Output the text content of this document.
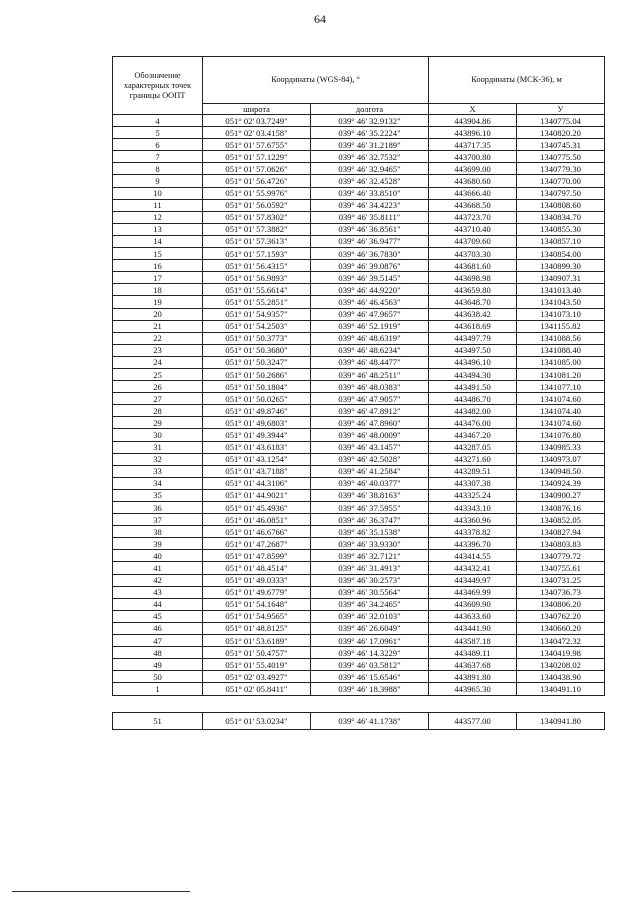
64
Обозначение характерных точек границы ООПТ	Координаты (WGS-84), °		Координаты (МСК-36), м	
	широта	долгота	X	У
4	051° 02' 03.7249"	039° 46' 32.9132"	443904.86	1340775.04
5	051° 02' 03.4158"	039° 46' 35.2224"	443896.10	1340820.20
6	051° 01' 57.6755"	039° 46' 31.2189"	443717.35	1340745.31
7	051° 01' 57.1229"	039° 46' 32.7532"	443700.80	1340775.50
8	051° 01' 57.0626"	039° 46' 32.9465"	443699.00	1340779.30
9	051° 01' 56.4726"	039° 46' 32.4528"	443680.60	1340770.00
10	051° 01' 55.9976"	039° 46' 33.8510"	443666.40	1340797.50
11	051° 01' 56.0592"	039° 46' 34.4223"	443668.50	1340808.60
12	051° 01' 57.8302"	039° 46' 35.8111"	443723.70	1340834.70
13	051° 01' 57.3882"	039° 46' 36.8561"	443710.40	1340855.30
14	051° 01' 57.3613"	039° 46' 36.9477"	443709.60	1340857.10
15	051° 01' 57.1593"	039° 46' 36.7830"	443703.30	1340854.00
16	051° 01' 56.4315"	039° 46' 39.0876"	443681.60	1340899.30
17	051° 01' 56.9893"	039° 46' 39.5145"	443698.98	1340907.31
18	051° 01' 55.6614"	039° 46' 44.9220"	443659.80	1341013.40
19	051° 01' 55.2851"	039° 46' 46.4563"	443648.70	1341043.50
20	051° 01' 54.9357"	039° 46' 47.9657"	443638.42	1341073.10
21	051° 01' 54.2503"	039° 46' 52.1919"	443618.69	1341155.82
22	051° 01' 50.3773"	039° 46' 48.6319"	443497.79	1341088.56
23	051° 01' 50.3680"	039° 46' 48.6234"	443497.50	1341088.40
24	051° 01' 50.3247"	039° 46' 48.4477"	443496.10	1341085.00
25	051° 01' 50.2686"	039° 46' 48.2511"	443494.30	1341081.20
26	051° 01' 50.1804"	039° 46' 48.0383"	443491.50	1341077.10
27	051° 01' 50.0265"	039° 46' 47.9057"	443486.70	1341074.60
28	051° 01' 49.8746"	039° 46' 47.8912"	443482.00	1341074.40
29	051° 01' 49.6803"	039° 46' 47.8960"	443476.00	1341074.60
30	051° 01' 49.3944"	039° 46' 48.0009"	443467.20	1341076.80
31	051° 01' 43.6183"	039° 46' 43.1457"	443287.05	1340985.33
32	051° 01' 43.1254"	039° 46' 42.5028"	443271.60	1340973.07
33	051° 01' 43.7188"	039° 46' 41.2584"	443289.51	1340948.50
34	051° 01' 44.3106"	039° 46' 40.0377"	443307.38	1340924.39
35	051° 01' 44.9021"	039° 46' 38.8163"	443325.24	1340900.27
36	051° 01' 45.4936"	039° 46' 37.5955"	443343.10	1340876.16
37	051° 01' 46.0851"	039° 46' 36.3747"	443360.96	1340852.05
38	051° 01' 46.6766"	039° 46' 35.1538"	443378.82	1340827.94
39	051° 01' 47.2687"	039° 46' 33.9330"	443396.70	1340803.83
40	051° 01' 47.8599"	039° 46' 32.7121"	443414.55	1340779.72
41	051° 01' 48.4514"	039° 46' 31.4913"	443432.41	1340755.61
42	051° 01' 49.0333"	039° 46' 30.2573"	443449.97	1340731.25
43	051° 01' 49.6779"	039° 46' 30.5564"	443469.99	1340736.73
44	051° 01' 54.1648"	039° 46' 34.2465"	443609.90	1340806.20
45	051° 01' 54.9565"	039° 46' 32.0103"	443633.60	1340762.20
46	051° 01' 48.8125"	039° 46' 26.6049"	443441.90	1340660.20
47	051° 01' 53.6189"	039° 46' 17.0961"	443587.18	1340472.32
48	051° 01' 50.4757"	039° 46' 14.3229"	443489.11	1340419.98
49	051° 01' 55.4019"	039° 46' 03.5812"	443637.68	1340208.02
50	051° 02' 03.4927"	039° 46' 15.6546"	443891.80	1340438.90
1	051° 02' 05.8411"	039° 46' 18.3988"	443965.30	1340491.10

51	051° 01' 53.0234"	039° 46' 41.1738"	443577.00	1340941.80
